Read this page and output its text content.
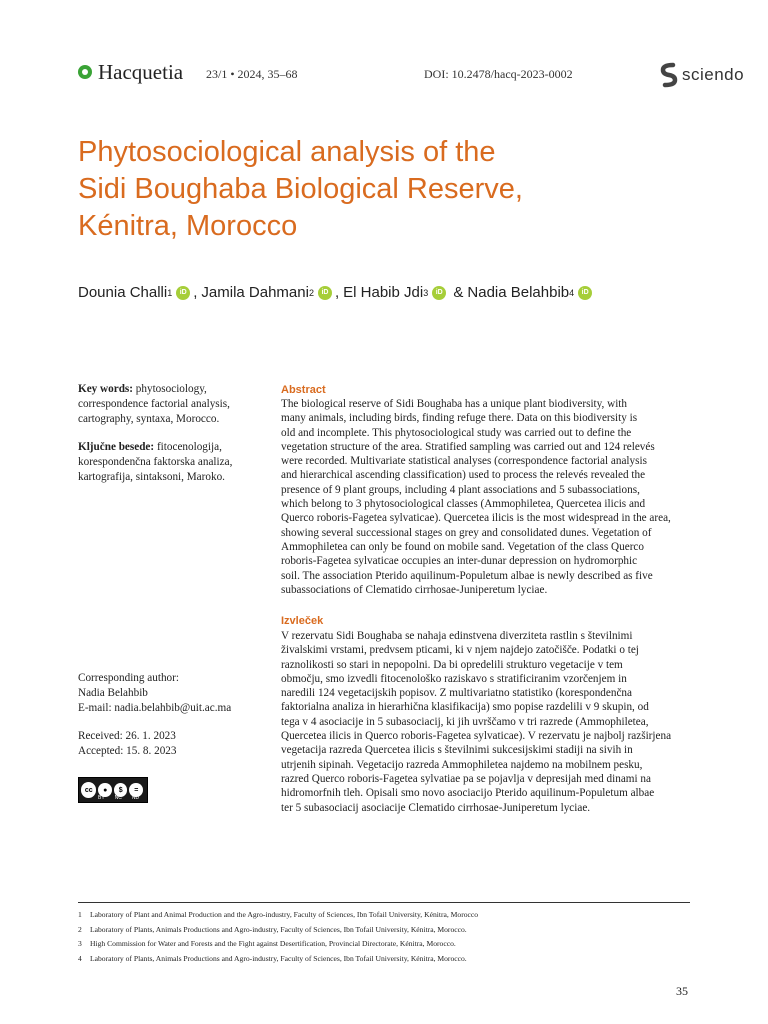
Hacquetia 23/1 • 2024, 35–68	DOI: 10.2478/hacq-2023-0002	sciendo
Phytosociological analysis of the
Sidi Boughaba Biological Reserve,
Kénitra, Morocco
Dounia Challi 1	iD , Jamila Dahmani 2	iD , El Habib Jdi 3	iD & Nadia Belahbib 4	iD
Key words: phytosociology,
correspondence factorial analysis,
cartography, syntaxa, Morocco.
Ključne besede: fitocenologija,
korespondenčna faktorska analiza,
kartografija, sintaksoni, Maroko.
Corresponding author:
Nadia Belahbib
E-mail: nadia.belahbib@uit.ac.ma
Received: 26. 1. 2023
Accepted: 15. 8. 2023
cc	●	$	=
BY NC ND
Abstract
The biological reserve of Sidi Boughaba has a unique plant biodiversity, with
many animals, including birds, finding refuge there. Data on this biodiversity is
old and incomplete. This phytosociological study was carried out to define the
vegetation structure of the area. Stratified sampling was carried out and 124 relevés
were recorded. Multivariate statistical analyses (correspondence factorial analysis
and hierarchical ascending classification) used to process the relevés revealed the
presence of 9 plant groups, including 4 plant associations and 5 subassociations,
which belong to 3 phytosociological classes (Ammophiletea, Quercetea ilicis and
Querco roboris-Fagetea sylvaticae). Quercetea ilicis is the most widespread in the area,
showing several successional stages on grey and consolidated dunes. Vegetation of
Ammophiletea can only be found on mobile sand. Vegetation of the class Querco
roboris-Fagetea sylvaticae occupies an inter-dunar depression on hydromorphic
soil. The association Pterido aquilinum-Populetum albae is newly described as five
subassociations of Clematido cirrhosae-Juniperetum lyciae.
Izvleček
V rezervatu Sidi Boughaba se nahaja edinstvena diverziteta rastlin s številnimi
živalskimi vrstami, predvsem pticami, ki v njem najdejo zatočišče. Podatki o tej
raznolikosti so stari in nepopolni. Da bi opredelili strukturo vegetacije v tem
območju, smo izvedli fitocenološko raziskavo s stratificiranim vzorčenjem in
naredili 124 vegetacijskih popisov. Z multivariatno statistiko (korespondenčna
faktorialna analiza in hierarhična klasifikacija) smo popise razdelili v 9 skupin, od
tega v 4 asociacije in 5 subasociacij, ki jih uvrščamo v tri razrede (Ammophiletea,
Quercetea ilicis in Querco roboris-Fagetea sylvaticae). V rezervatu je najbolj razširjena
vegetacija razreda Quercetea ilicis s številnimi sukcesijskimi stadiji na sivih in
utrjenih sipinah. Vegetacijo razreda Ammophiletea najdemo na mobilnem pesku,
razred Querco roboris-Fagetea sylvatiae pa se pojavlja v depresijah med dinami na
hidromorfnih tleh. Opisali smo novo asociacijo Pterido aquilinum-Populetum albae
ter 5 subasociacij asociacije Clematido cirrhosae-Juniperetum lyciae.
1 Laboratory of Plant and Animal Production and the Agro-industry, Faculty of Sciences, Ibn Tofail University, Kénitra, Morocco
2 Laboratory of Plants, Animals Productions and Agro-industry, Faculty of Sciences, Ibn Tofail University, Kénitra, Morocco.
3 High Commission for Water and Forests and the Fight against Desertification, Provincial Directorate, Kénitra, Morocco.
4 Laboratory of Plants, Animals Productions and Agro-industry, Faculty of Sciences, Ibn Tofail University, Kénitra, Morocco.
35
